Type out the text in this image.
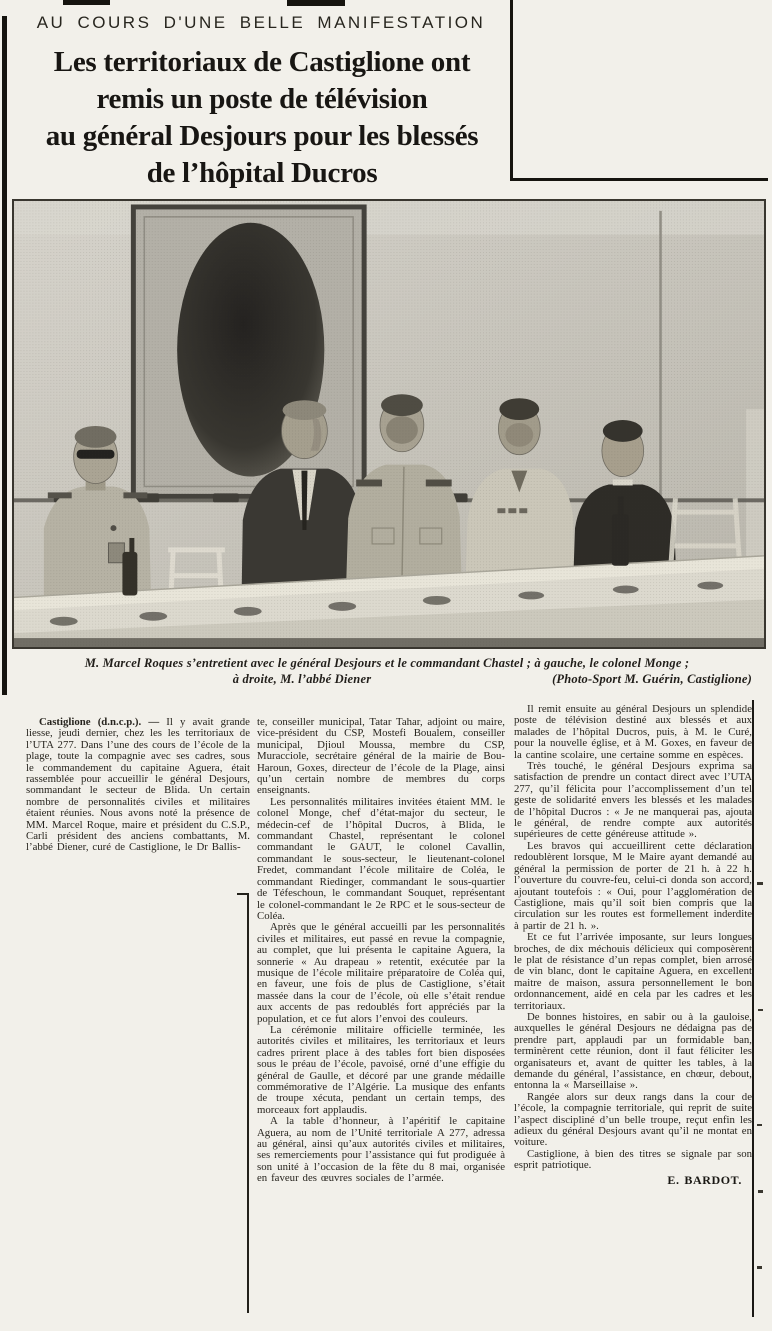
AU COURS D'UNE BELLE MANIFESTATION
Les territoriaux de Castiglione ont
remis un poste de télévision
au général Desjours pour les blessés
de l’hôpital Ducros
M. Marcel Roques s’entretient avec le général Desjours et le commandant Chastel ; à gauche, le colonel Monge ;
à droite, M. l’abbé Diener	(Photo-Sport M. Guérin, Castiglione)

Castiglione (d.n.c.p.). — Il y avait grande liesse, jeudi dernier, chez les les territoriaux de l’UTA 277. Dans l’une des cours de l’école de la plage, toute la compagnie avec ses cadres, sous le commandement du capitaine Aguera, était rassemblée pour accueillir le général Desjours, sommandant le secteur de Blida. Un certain nombre de personnalités civiles et militaires étaient réunies. Nous avons noté la présence de MM. Marcel Roque, maire et président du C.S.P., Carli président des anciens combattants, M. l’abbé Diener, curé de Castiglione, le Dr Ballis-

te, conseiller municipal, Tatar Tahar, adjoint ou maire, vice-président du CSP, Mostefi Boualem, conseiller municipal, Djioul Moussa, membre du CSP, Muracciole, secrétaire général de la mairie de Bou-Haroun, Goxes, directeur de l’école de la Plage, ainsi qu’un certain nombre de membres du corps enseignants.

Les personnalités militaires invitées étaient MM. le colonel Monge, chef d’état-major du secteur, le médecin-cef de l’hôpital Ducros, à Blida, le commandant Chastel, représentant le colonel commandant le GAUT, le colonel Cavallin, commandant le sous-secteur, le lieutenant-colonel Fredet, commandant l’école militaire de Coléa, le commandant Riedinger, commandant le sous-quartier de Téfeschoun, le commandant Souquet, représentant le colonel-commandant le 2e RPC et le sous-secteur de Coléa.

Après que le général accueilli par les personnalités civiles et militaires, eut passé en revue la compagnie, au complet, que lui présenta le capitaine Aguera, la sonnerie « Au drapeau » retentit, exécutée par la musique de l’école militaire préparatoire de Coléa qui, en faveur, une fois de plus de Castiglione, s’était massée dans la cour de l’école, où elle s’était rendue aux accents de pas redoublés fort appréciés par la population, et ce fut alors l’envoi des couleurs.

La cérémonie militaire officielle terminée, les autorités civiles et militaires, les territoriaux et leurs cadres prirent place à des tables fort bien disposées sous le préau de l’école, pavoisé, orné d’une effigie du général de Gaulle, et décoré par une grande médaille commémorative de l’Algérie. La musique des enfants de troupe xécuta, pendant un certain temps, des morceaux fort applaudis.

A la table d’honneur, à l’apéritif le capitaine Aguera, au nom de l’Unité territoriale A 277, adressa au général, ainsi qu’aux autorités civiles et militaires, ses remerciements pour l’assistance qui fut prodiguée à son unité à l’occasion de la fête du 8 mai, organisée en faveur des œuvres sociales de l’armée.

Il remit ensuite au général Desjours un splendide poste de télévision destiné aux blessés et aux malades de l’hôpital Ducros, puis, à M. le Curé, pour la nouvelle église, et à M. Goxes, en faveur de la cantine scolaire, une certaine somme en espèces.

Très touché, le général Desjours exprima sa satisfaction de prendre un contact direct avec l’UTA 277, qu’il félicita pour l’accomplissement d’un tel geste de solidarité envers les blessés et les malades de l’hôpital Ducros : « Je ne manquerai pas, ajouta le général, de rendre compte aux autorités supérieures de cette généreuse attitude ».

Les bravos qui accueillirent cette déclaration redoublèrent lorsque, M le Maire ayant demandé au général la permission de porter de 21 h. à 22 h. l’ouverture du couvre-feu, celui-ci donda son accord, ajoutant toutefois : « Oui, pour l’agglomération de Castiglione, mais qu’il soit bien compris que la circulation sur les routes est formellement inderdite à partir de 21 h. ».

Et ce fut l’arrivée imposante, sur leurs longues broches, de dix méchouis délicieux qui composèrent le plat de résistance d’un repas complet, bien arrosé de vin blanc, dont le capitaine Aguera, en excellent maitre de maison, assura personnellement le bon ordonnancement, aidé en cela par les cadres et les territoriaux.

De bonnes histoires, en sabir ou à la gauloise, auxquelles le général Desjours ne dédaigna pas de prendre part, applaudi par un formidable ban, terminèrent cette réunion, dont il faut féliciter les organisateurs et, avant de quitter les tables, à la demande du général, l’assistance, en chœur, debout, entonna la « Marseillaise ».

Rangée alors sur deux rangs dans la cour de l’école, la compagnie territoriale, qui reprit de suite l’aspect discipliné d’un belle troupe, reçut enfin les adieux du général Desjours avant qu’il ne montat en voiture.

Castiglione, à bien des titres se signale par son esprit patriotique.

E. BARDOT.
